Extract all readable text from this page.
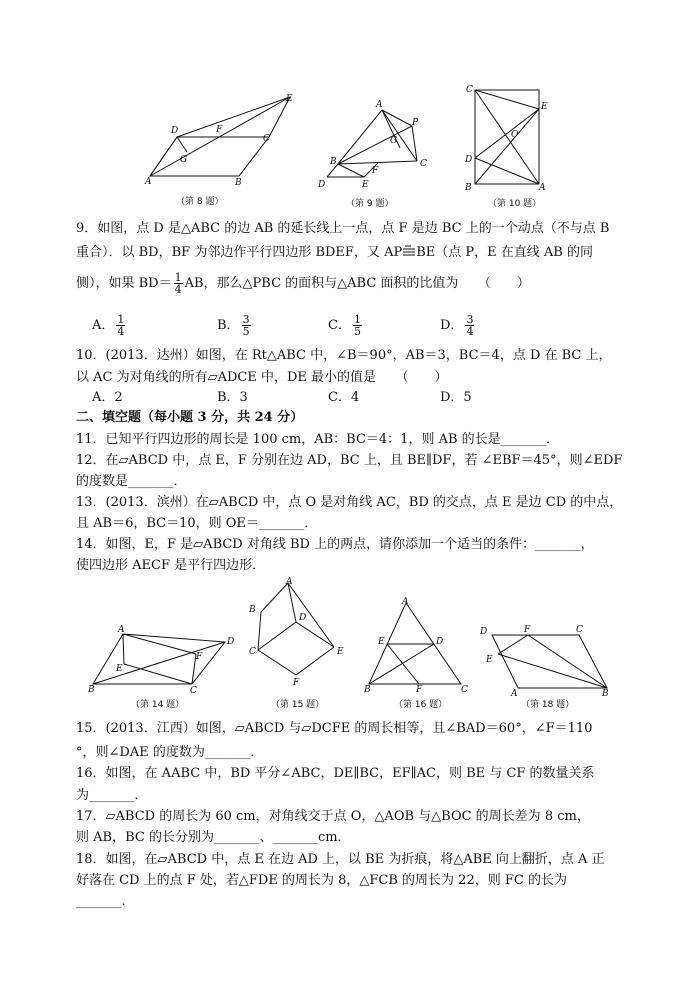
D	F
E
G
C
A	B
（第 8 题）
A
P
G
B	C
F
D	E
（第 9 题）
C
E
O
D
B	A
（第 10 题）
9．如图，点 D 是△ABC 的边 AB 的延长线上一点，点 F 是边 BC 上的一个动点（不与点 B
重合）．以 BD，BF 为邻边作平行四边形 BDEF，又 AP BE（点 P，E 在直线 AB 的同
侧），如果 $BD= \frac{1}{4}$ AB，那么△PBC 的面积与△ABC 面积的比值为　　（　　）
A． $\frac{1}{4}$	B． $\frac{3}{5}$	C． $\frac{1}{5}$	D． $\frac{3}{4}$
10．(2013．达州）如图，在 Rt△ABC 中，∠B＝90°，AB＝3，BC＝4，点 D 在 BC 上，
以 AC 为对角线的所有▱ADCE 中，DE 最小的值是　　（　　）
A．2	B．3	C．4	D．5
二、填空题（每小题 3 分，共 24 分）
11．已知平行四边形的周长是 100 cm，AB：BC＝4：1，则 AB 的长是_______．
12．在▱ABCD 中，点 E，F 分别在边 AD，BC 上，且 BE∥DF，若 ∠EBF＝45°，则∠EDF
的度数是_______．
13．(2013．滨州）在▱ABCD 中，点 O 是对角线 AC，BD 的交点，点 E 是边 CD 的中点，
且 AB＝6，BC＝10，则 OE＝_______．
14．如图，E，F 是▱ABCD 对角线 BD 上的两点，请你添加一个适当的条件：_______，
使四边形 AECF 是平行四边形．
A
D
F
E
B	C
（第 14 题）
A
B
D
C	E
F
（第 15 题）
A
E	D
B	F	C
（第 16 题）
D	F	C
E
A	B
（第 18 题）
15．(2013．江西）如图，▱ABCD 与▱DCFE 的周长相等，且∠BAD＝60°，∠F＝110
°，则∠DAE 的度数为_______．
16．如图，在 AABC 中，BD 平分∠ABC，DE∥BC，EF∥AC，则 BE 与 CF 的数量关系
为_______．
17．▱ABCD 的周长为 60 cm，对角线交于点 O，△AOB 与△BOC 的周长差为 8 cm，
则 AB，BC 的长分别为_______、_______cm．
18．如图，在▱ABCD 中，点 E 在边 AD 上，以 BE 为折痕，将△ABE 向上翻折，点 A 正
好落在 CD 上的点 F 处，若△FDE 的周长为 8，△FCB 的周长为 22，则 FC 的长为
_______．
